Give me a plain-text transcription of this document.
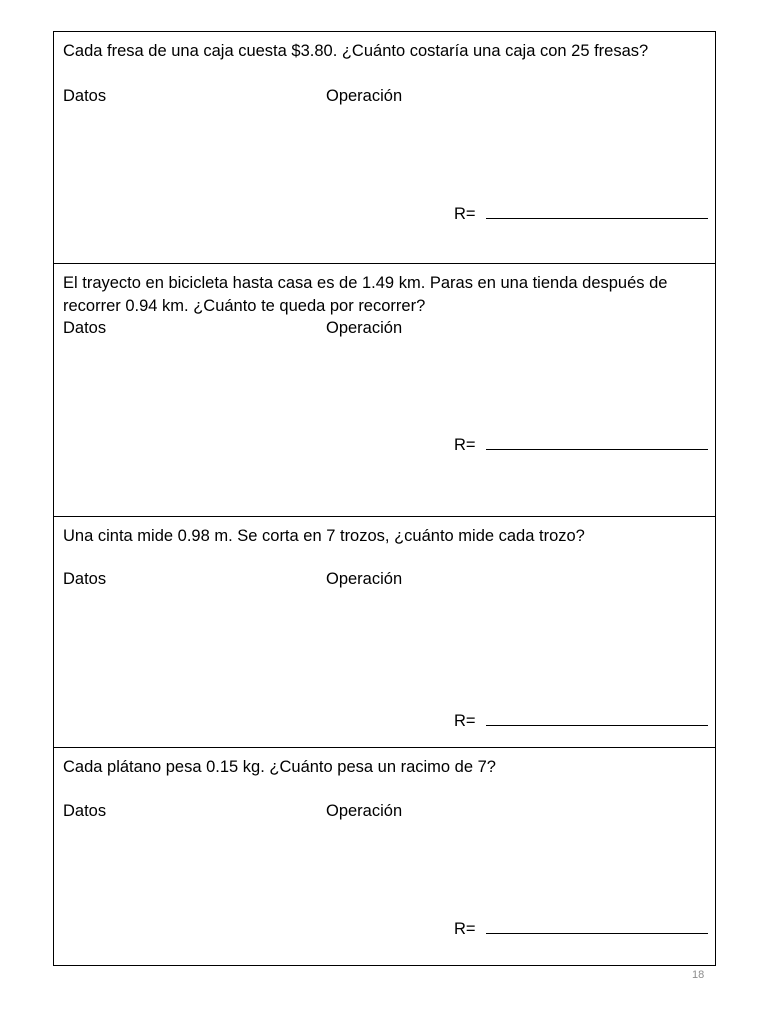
Cada fresa de una caja cuesta $3.80. ¿Cuánto costaría una caja con 25 fresas?
Datos	Operación
R=
El trayecto en bicicleta hasta casa es de 1.49 km. Paras en una tienda después de recorrer 0.94 km. ¿Cuánto te queda por recorrer?
Datos	Operación
R=
Una cinta mide 0.98 m. Se corta en 7 trozos, ¿cuánto mide cada trozo?
Datos	Operación
R=
Cada plátano pesa 0.15 kg. ¿Cuánto pesa un racimo de 7?
Datos	Operación
R=
18
